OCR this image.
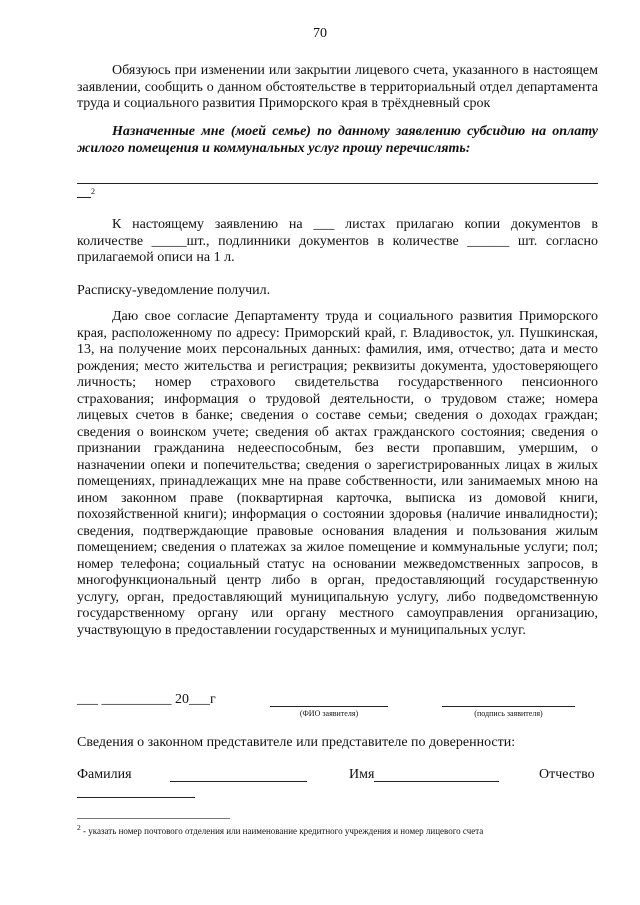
70

Обязуюсь при изменении или закрытии лицевого счета, указанного в настоящем заявлении, сообщить о данном обстоятельстве в территориальный отдел департамента труда и социального развития Приморского края в трёхдневный срок

Назначенные мне (моей семье) по данному заявлению субсидию на оплату жилого помещения и коммунальных услуг прошу перечислять:

2

К настоящему заявлению на ___ листах прилагаю копии документов в количестве _____шт., подлинники документов в количестве ______ шт. согласно прилагаемой описи на 1 л.

Расписку-уведомление получил.

Даю свое согласие Департаменту труда и социального развития Приморского края, расположенному по адресу: Приморский край, г. Владивосток, ул. Пушкинская, 13, на получение моих персональных данных: фамилия, имя, отчество; дата и место рождения; место жительства и регистрация; реквизиты документа, удостоверяющего личность; номер страхового свидетельства государственного пенсионного страхования; информация о трудовой деятельности, о трудовом стаже; номера лицевых счетов в банке; сведения о составе семьи; сведения о доходах граждан; сведения о воинском учете; сведения об актах гражданского состояния; сведения о признании гражданина недееспособным, без вести пропавшим, умершим, о назначении опеки и попечительства; сведения о зарегистрированных лицах в жилых помещениях, принадлежащих мне на праве собственности, или занимаемых мною на ином законном праве (поквартирная карточка, выписка из домовой книги, похозяйственной книги); информация о состоянии здоровья (наличие инвалидности); сведения, подтверждающие правовые основания владения и пользования жилым помещением; сведения о платежах за жилое помещение и коммунальные услуги; пол; номер телефона; социальный статус на основании межведомственных запросов, в многофункциональный центр либо в орган, предоставляющий государственную услугу, орган, предоставляющий муниципальную услугу, либо подведомственную государственному органу или органу местного самоуправления организацию, участвующую в предоставлении государственных и муниципальных услуг.

___ __________ 20___г
(ФИО заявителя)	(подпись заявителя)
Сведения о законном представителе или представителе по доверенности:
Фамилия	Имя	Отчество
$^2$ - указать номер почтового отделения или наименование кредитного учреждения и номер лицевого счета
